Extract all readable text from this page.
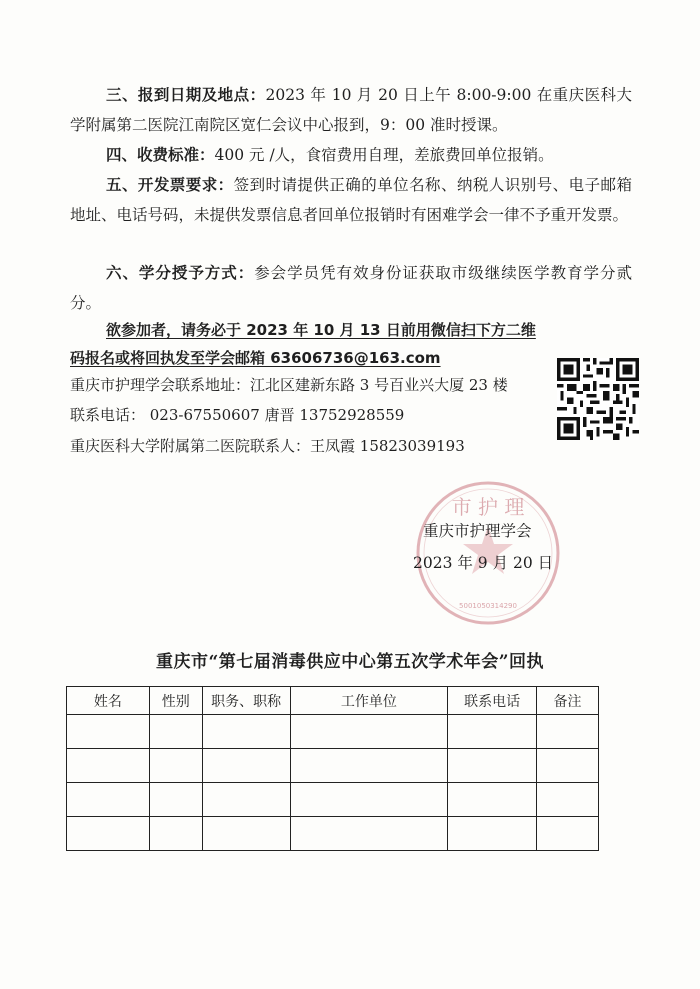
三、报到日期及地点：2023 年 10 月 20 日上午 8:00-9:00 在重庆医科大学附属第二医院江南院区宽仁会议中心报到，9：00 准时授课。

四、收费标准：400 元 /人，食宿费用自理，差旅费回单位报销。

五、开发票要求：签到时请提供正确的单位名称、纳税人识别号、电子邮箱地址、电话号码，未提供发票信息者回单位报销时有困难学会一律不予重开发票。

六、学分授予方式：参会学员凭有效身份证获取市级继续医学教育学分贰分。

欲参加者，请务必于 2023 年 10 月 13 日前用微信扫下方二维码报名或将回执发至学会邮箱 63606736@163.com

重庆市护理学会联系地址：江北区建新东路 3 号百业兴大厦 23 楼

联系电话： 023-67550607 唐晋 13752928559

重庆医科大学附属第二医院联系人：王凤霞 15823039193

市 护 理
5001050314290

重庆市护理学会

2023 年 9 月 20 日

重庆市“第七届消毒供应中心第五次学术年会”回执
姓名	性别	职务、职称	工作单位	联系电话	备注
